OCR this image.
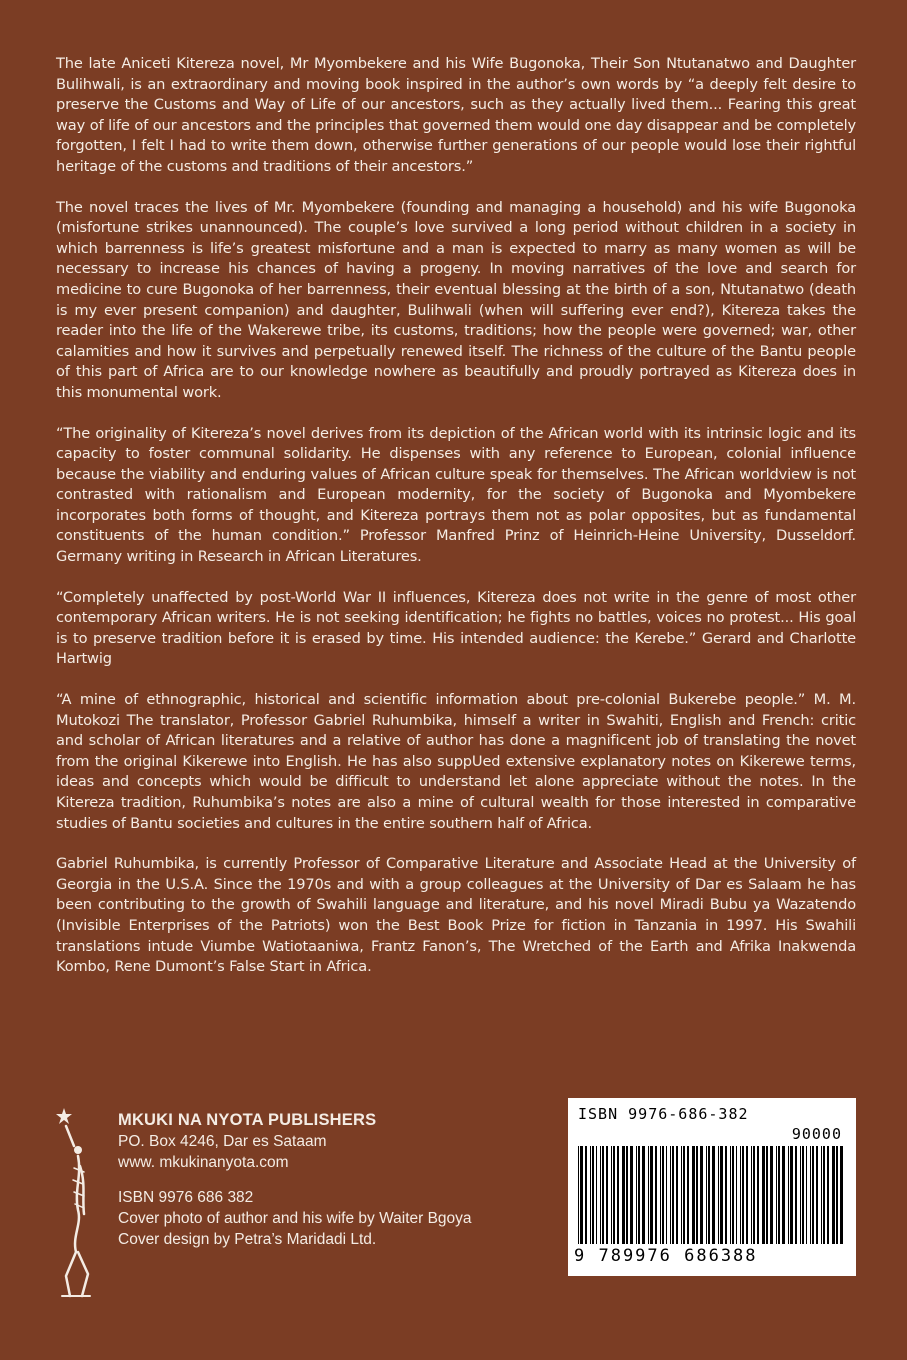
The late Aniceti Kitereza novel, Mr Myombekere and his Wife Bugonoka, Their Son Ntutanatwo and Daughter Bulihwali, is an extraordinary and moving book inspired in the author’s own words by “a deeply felt desire to preserve the Customs and Way of Life of our ancestors, such as they actually lived them... Fearing this great way of life of our ancestors and the principles that governed them would one day disappear and be completely forgotten, I felt I had to write them down, otherwise further generations of our people would lose their rightful heritage of the customs and traditions of their ancestors.”

The novel traces the lives of Mr. Myombekere (founding and managing a household) and his wife Bugonoka (misfortune strikes unannounced). The couple’s love survived a long period without children in a society in which barrenness is life’s greatest misfortune and a man is expected to marry as many women as will be necessary to increase his chances of having a progeny. In moving narratives of the love and search for medicine to cure Bugonoka of her barrenness, their eventual blessing at the birth of a son, Ntutanatwo (death is my ever present companion) and daughter, Bulihwali (when will suffering ever end?), Kitereza takes the reader into the life of the Wakerewe tribe, its customs, traditions; how the people were governed; war, other calamities and how it survives and perpetually renewed itself. The richness of the culture of the Bantu people of this part of Africa are to our knowledge nowhere as beautifully and proudly portrayed as Kitereza does in this monumental work.

“The originality of Kitereza’s novel derives from its depiction of the African world with its intrinsic logic and its capacity to foster communal solidarity. He dispenses with any reference to European, colonial influence because the viability and enduring values of African culture speak for themselves. The African worldview is not contrasted with rationalism and European modernity, for the society of Bugonoka and Myombekere incorporates both forms of thought, and Kitereza portrays them not as polar opposites, but as fundamental constituents of the human condition.” Professor Manfred Prinz of Heinrich-Heine University, Dusseldorf. Germany writing in Research in African Literatures.

“Completely unaffected by post-World War II influences, Kitereza does not write in the genre of most other contemporary African writers. He is not seeking identification; he fights no battles, voices no protest... His goal is to preserve tradition before it is erased by time. His intended audience: the Kerebe.” Gerard and Charlotte Hartwig

“A mine of ethnographic, historical and scientific information about pre-colonial Bukerebe people.” M. M. Mutokozi The translator, Professor Gabriel Ruhumbika, himself a writer in Swahiti, English and French: critic and scholar of African literatures and a relative of author has done a magnificent job of translating the novet from the original Kikerewe into English. He has also suppUed extensive explanatory notes on Kikerewe terms, ideas and concepts which would be difficult to understand let alone appreciate without the notes. In the Kitereza tradition, Ruhumbika’s notes are also a mine of cultural wealth for those interested in comparative studies of Bantu societies and cultures in the entire southern half of Africa.

Gabriel Ruhumbika, is currently Professor of Comparative Literature and Associate Head at the University of Georgia in the U.S.A. Since the 1970s and with a group colleagues at the University of Dar es Salaam he has been contributing to the growth of Swahili language and literature, and his novel Miradi Bubu ya Wazatendo (Invisible Enterprises of the Patriots) won the Best Book Prize for fiction in Tanzania in 1997. His Swahili translations intude Viumbe Watiotaaniwa, Frantz Fanon’s, The Wretched of the Earth and Afrika Inakwenda Kombo, Rene Dumont’s False Start in Africa.

MKUKI NA NYOTA PUBLISHERS
PO. Box 4246, Dar es Sataam
www. mkukinanyota.com
ISBN 9976 686 382
Cover photo of author and his wife by Waiter Bgoya
Cover design by Petra’s Maridadi Ltd.
ISBN 9976-686-382
90000
9 789976 686388
